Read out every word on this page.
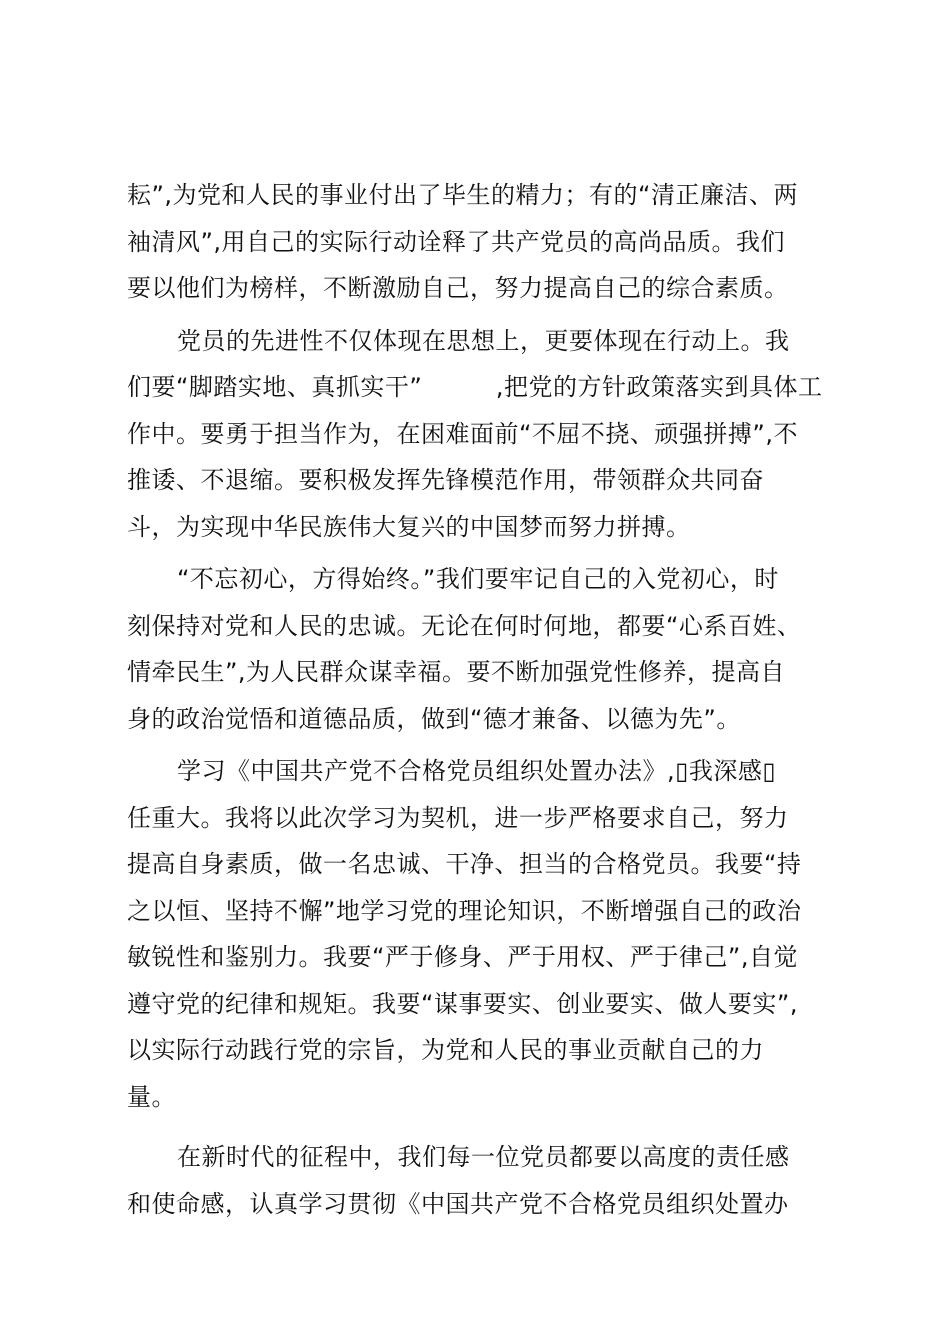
耘”,为党和人民的事业付出了毕生的精力；有的“清正廉洁、两
袖清风”,用自己的实际行动诠释了共产党员的高尚品质。我们
要以他们为榜样，不断激励自己，努力提高自己的综合素质。
党员的先进性不仅体现在思想上，更要体现在行动上。我
们要“脚踏实地、真抓实干”　　　,把党的方针政策落实到具体工
作中。要勇于担当作为，在困难面前“不屈不挠、顽强拼搏”,不
推诿、不退缩。要积极发挥先锋模范作用，带领群众共同奋
斗，为实现中华民族伟大复兴的中国梦而努力拼搏。
“不忘初心，方得始终。”我们要牢记自己的入党初心，时
刻保持对党和人民的忠诚。无论在何时何地，都要“心系百姓、
情牵民生”,为人民群众谋幸福。要不断加强党性修养，提高自
身的政治觉悟和道德品质，做到“德才兼备、以德为先”。
学习《中国共产党不合格党员组织处置办法》,▯我深感▯
任重大。我将以此次学习为契机，进一步严格要求自己，努力
提高自身素质，做一名忠诚、干净、担当的合格党员。我要“持
之以恒、坚持不懈”地学习党的理论知识，不断增强自己的政治
敏锐性和鉴别力。我要“严于修身、严于用权、严于律己”,自觉
遵守党的纪律和规矩。我要“谋事要实、创业要实、做人要实”,
以实际行动践行党的宗旨，为党和人民的事业贡献自己的力
量。
在新时代的征程中，我们每一位党员都要以高度的责任感
和使命感，认真学习贯彻《中国共产党不合格党员组织处置办
